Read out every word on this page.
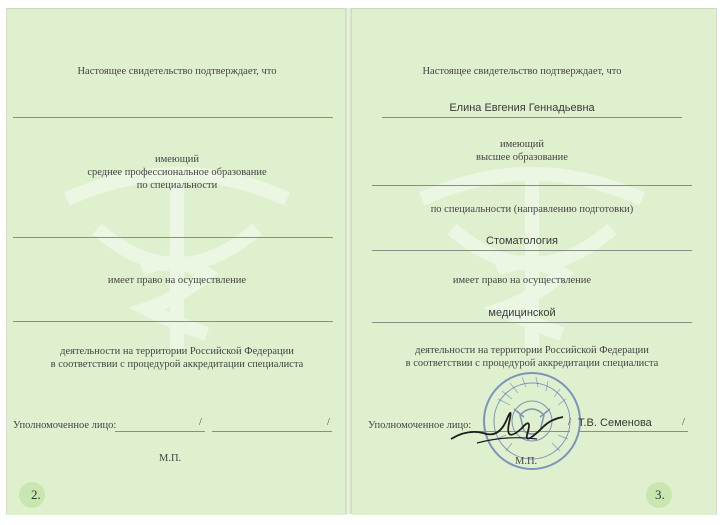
Настоящее свидетельство подтверждает, что
имеющий
среднее профессиональное образование
по специальности
имеет право на осуществление
деятельности на территории Российской Федерации
в соответствии с процедурой аккредитации специалиста
Уполномоченное лицо:	/	/
М.П.
2.
Настоящее свидетельство подтверждает, что
Елина Евгения Геннадьевна
имеющий
высшее образование
по специальности (направлению подготовки)
Стоматология
имеет право на осуществление
медицинской
деятельности на территории Российской Федерации
в соответствии с процедурой аккредитации специалиста
Уполномоченное лицо:	/ Т.В. Семенова	/
М.П.
3.
